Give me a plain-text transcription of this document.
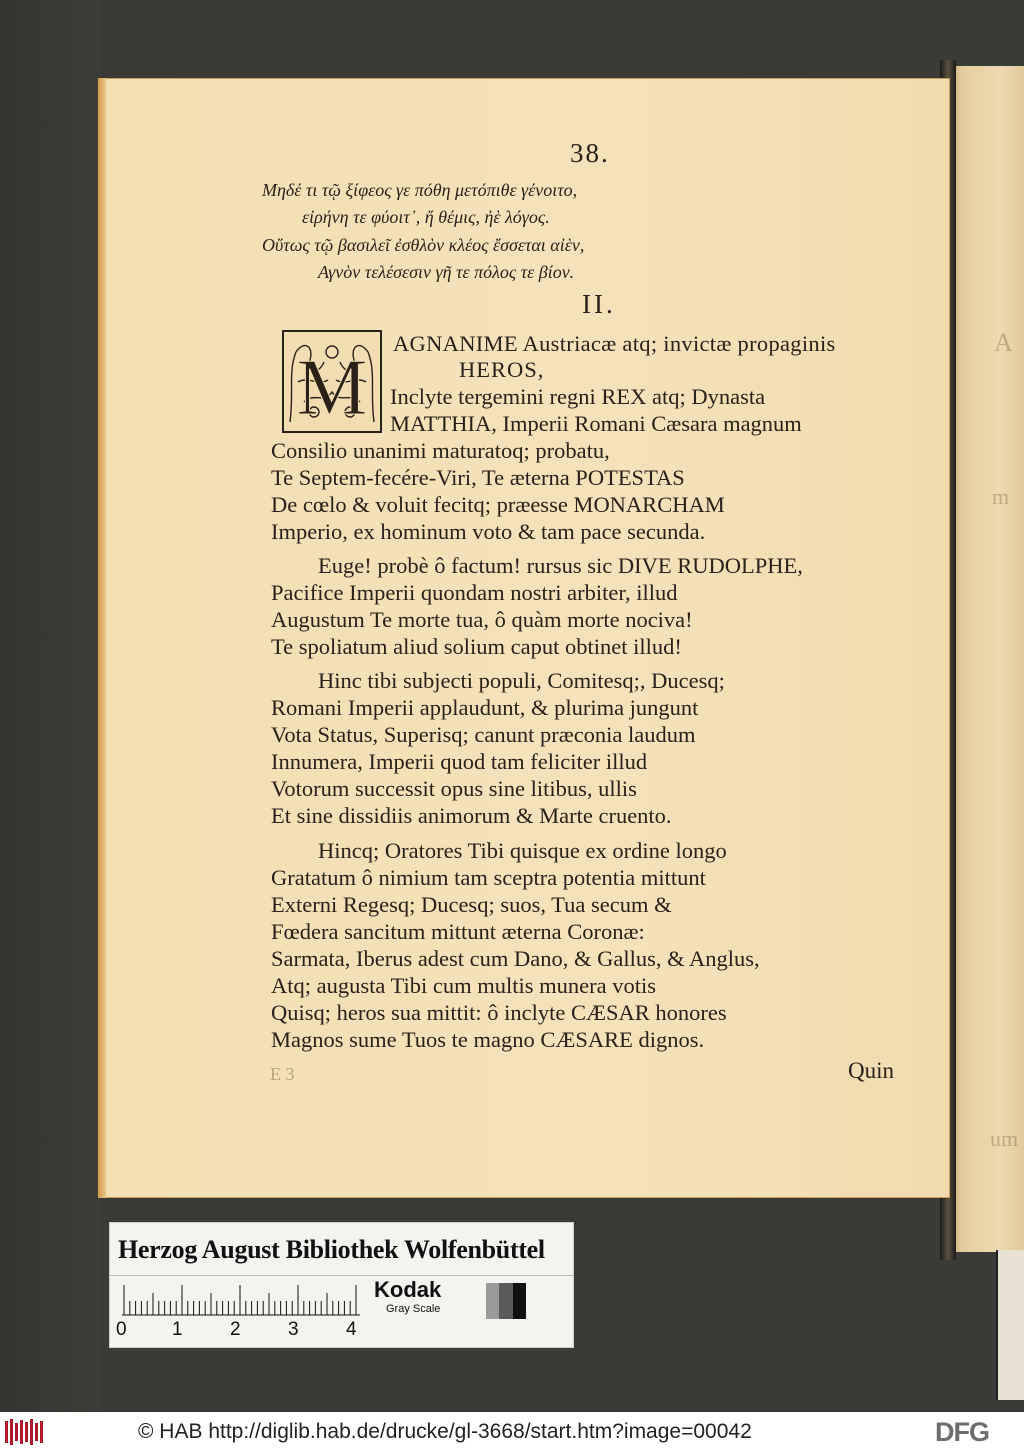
A
m
um
38.
Μηδέ τι τῷ ξίφεος γε πόθη μετόπιθε γένοιτο,
εἰρήνη τε φύοιτ᾽, ἤ θέμις, ἠὲ λόγος.
Οὕτως τῷ βασιλεῖ ἐσθλὸν κλέος ἔσσεται αἰὲν,
Αγνὸν τελέσεσιν γῆ τε πόλος τε βίον.
II.
M
AGNANIME Austriacæ atq; invictæ propaginis
HEROS,
Inclyte tergemini regni REX atq; Dynasta
MATTHIA, Imperii Romani Cæsara magnum
Consilio unanimi maturatoq; probatu,
Te Septem-fecére-Viri, Te æterna POTESTAS
De cœlo & voluit fecitq; præesse MONARCHAM
Imperio, ex hominum voto & tam pace secunda.
Euge! probè ô factum! rursus sic DIVE RUDOLPHE,
Pacifice Imperii quondam nostri arbiter, illud
Augustum Te morte tua, ô quàm morte nociva!
Te spoliatum aliud solium caput obtinet illud!
Hinc tibi subjecti populi, Comitesq;, Ducesq;
Romani Imperii applaudunt, & plurima jungunt
Vota Status, Superisq; canunt præconia laudum
Innumera, Imperii quod tam feliciter illud
Votorum successit opus sine litibus, ullis
Et sine dissidiis animorum & Marte cruento.
Hincq; Oratores Tibi quisque ex ordine longo
Gratatum ô nimium tam sceptra potentia mittunt
Externi Regesq; Ducesq; suos, Tua secum &
Fœdera sancitum mittunt æterna Coronæ:
Sarmata, Iberus adest cum Dano, & Gallus, & Anglus,
Atq; augusta Tibi cum multis munera votis
Quisq; heros sua mittit: ô inclyte CÆSAR honores
Magnos sume Tuos te magno CÆSARE dignos.
E 3	Quin
Herzog August Bibliothek Wolfenbüttel
0 1 2 3 4
Kodak
Gray Scale
© HAB http://diglib.hab.de/drucke/gl-3668/start.htm?image=00042	DFG
